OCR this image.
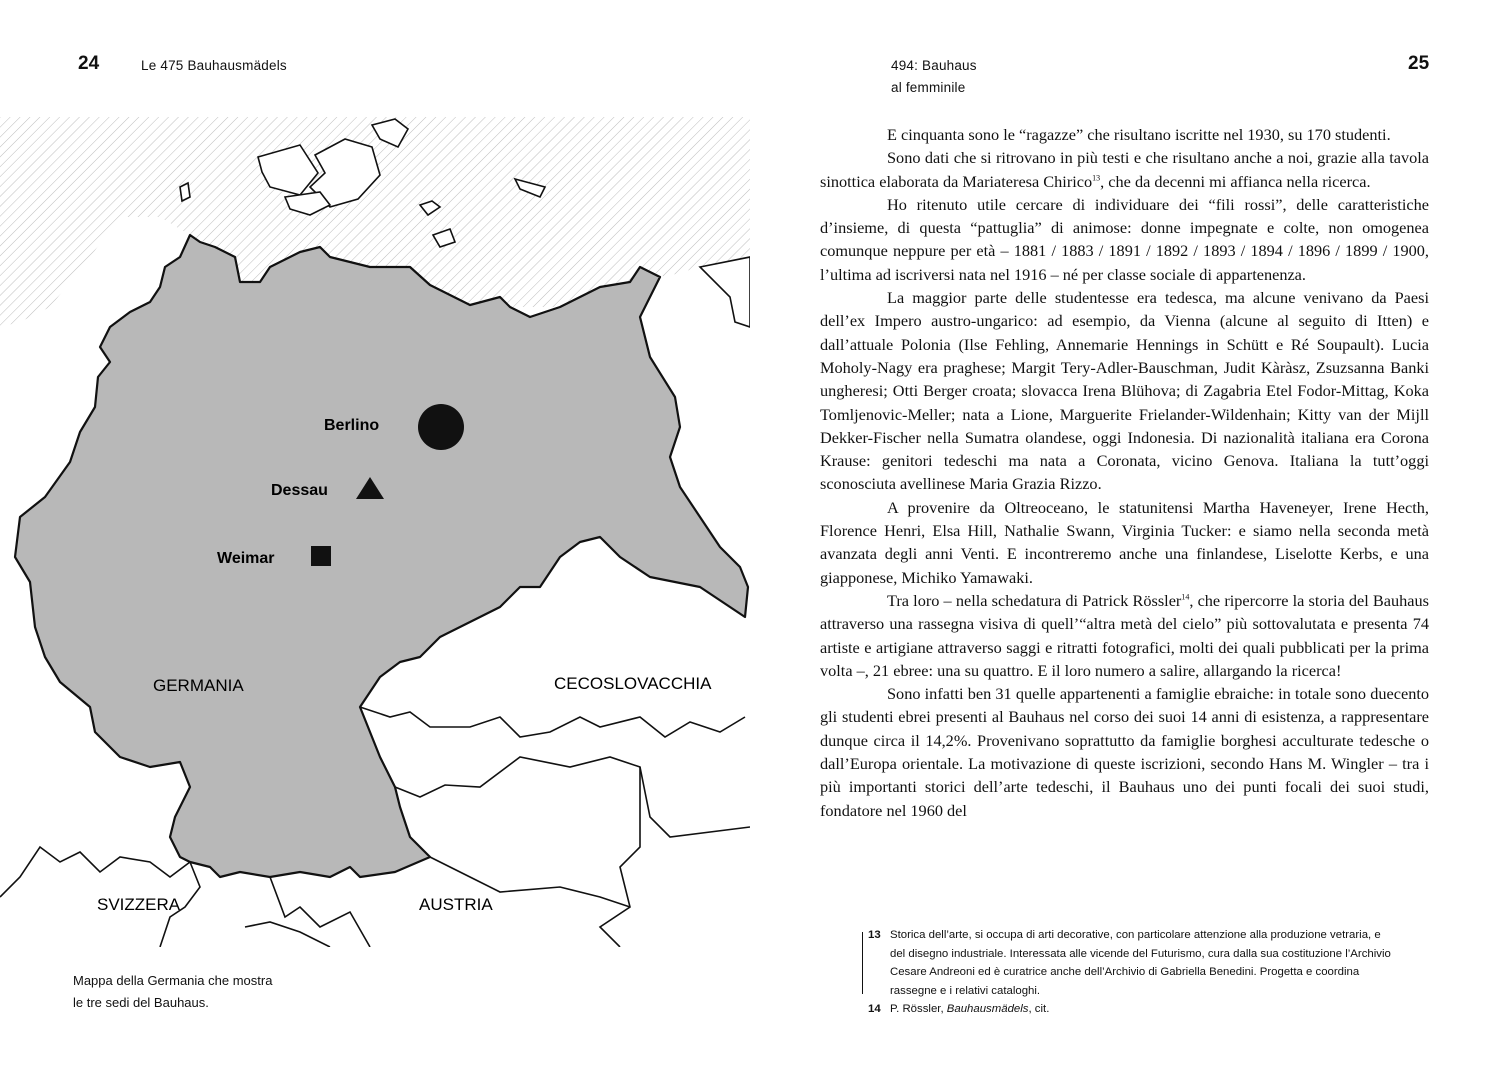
24	Le 475 Bauhausmädels
Berlino
Dessau
Weimar
GERMANIA	CECOSLOVACCHIA
SVIZZERA	AUSTRIA
Mappa della Germania che mostra
le tre sedi del Bauhaus.
494: Bauhaus
al femminile
25

E cinquanta sono le “ragazze” che risultano iscritte nel 1930, su 170 studenti.

Sono dati che si ritrovano in più testi e che risultano anche a noi, grazie alla tavola sinottica elaborata da Mariateresa Chirico$^{13}$, che da decenni mi affianca nella ricerca.

Ho ritenuto utile cercare di individuare dei “fili rossi”, delle caratteristiche d’insieme, di questa “pattuglia” di animose: donne impegnate e colte, non omogenea comunque neppure per età – 1881 / 1883 / 1891 / 1892 / 1893 / 1894 / 1896 / 1899 / 1900, l’ultima ad iscriversi nata nel 1916 – né per classe sociale di appartenenza.

La maggior parte delle studentesse era tedesca, ma alcune venivano da Paesi dell’ex Impero austro-ungarico: ad esempio, da Vienna (alcune al seguito di Itten) e dall’attuale Polonia (Ilse Fehling, Annemarie Hennings in Schütt e Ré Soupault). Lucia Moholy-Nagy era praghese; Margit Tery-Adler-Bauschman, Judit Kàràsz, Zsuzsanna Banki ungheresi; Otti Berger croata; slovacca Irena Blühova; di Zagabria Etel Fodor-Mittag, Koka Tomljenovic-Meller; nata a Lione, Marguerite Frielander-Wildenhain; Kitty van der Mijll Dekker-Fischer nella Sumatra olandese, oggi Indonesia. Di nazionalità italiana era Corona Krause: genitori tedeschi ma nata a Coronata, vicino Genova. Italiana la tutt’oggi sconosciuta avellinese Maria Grazia Rizzo.

A provenire da Oltreoceano, le statunitensi Martha Haveneyer, Irene Hecth, Florence Henri, Elsa Hill, Nathalie Swann, Virginia Tucker: e siamo nella seconda metà avanzata degli anni Venti. E incontreremo anche una finlandese, Liselotte Kerbs, e una giapponese, Michiko Yamawaki.

Tra loro – nella schedatura di Patrick Rössler$^{14}$, che ripercorre la storia del Bauhaus attraverso una rassegna visiva di quell’“altra metà del cielo” più sottovalutata e presenta 74 artiste e artigiane attraverso saggi e ritratti fotografici, molti dei quali pubblicati per la prima volta –, 21 ebree: una su quattro. E il loro numero a salire, allargando la ricerca!

Sono infatti ben 31 quelle appartenenti a famiglie ebraiche: in totale sono duecento gli studenti ebrei presenti al Bauhaus nel corso dei suoi 14 anni di esistenza, a rappresentare dunque circa il 14,2%. Provenivano soprattutto da famiglie borghesi acculturate tedesche o dall’Europa orientale. La motivazione di queste iscrizioni, secondo Hans M. Wingler – tra i più importanti storici dell’arte tedeschi, il Bauhaus uno dei punti focali dei suoi studi, fondatore nel 1960 del

13 Storica dell’arte, si occupa di arti decorative, con particolare attenzione alla produzione vetraria, e del disegno industriale. Interessata alle vicende del Futurismo, cura dalla sua costituzione l’Archivio Cesare Andreoni ed è curatrice anche dell’Archivio di Gabriella Benedini. Progetta e coordina rassegne e i relativi cataloghi.
14 P. Rössler, Bauhausmädels, cit.
